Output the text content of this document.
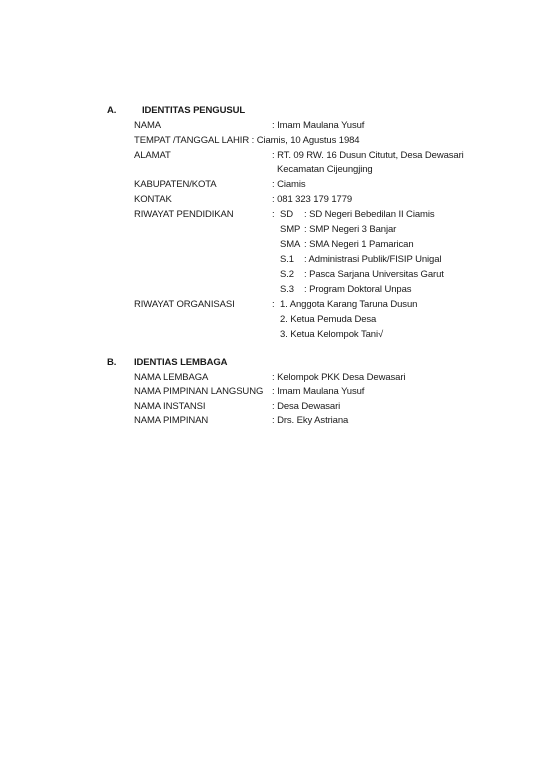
A.	IDENTITAS PENGUSUL
NAMA	: Imam Maulana Yusuf
TEMPAT /TANGGAL LAHIR : Ciamis, 10 Agustus 1984
ALAMAT	: RT. 09 RW. 16 Dusun Citutut, Desa Dewasari
Kecamatan Cijeungjing
KABUPATEN/KOTA	: Ciamis
KONTAK	: 081 323 179 1779
RIWAYAT PENDIDIKAN	: SD : SD Negeri Bebedilan II Ciamis
SMP : SMP Negeri 3 Banjar
SMA : SMA Negeri 1 Pamarican
S.1 : Administrasi Publik/FISIP Unigal
S.2 : Pasca Sarjana Universitas Garut
S.3 : Program Doktoral Unpas
RIWAYAT ORGANISASI	: 1. Anggota Karang Taruna Dusun
2. Ketua Pemuda Desa
3. Ketua Kelompok Tani√
B. IDENTIAS LEMBAGA
NAMA LEMBAGA	: Kelompok PKK Desa Dewasari
NAMA PIMPINAN LANGSUNG : Imam Maulana Yusuf
NAMA INSTANSI	: Desa Dewasari
NAMA PIMPINAN	: Drs. Eky Astriana
